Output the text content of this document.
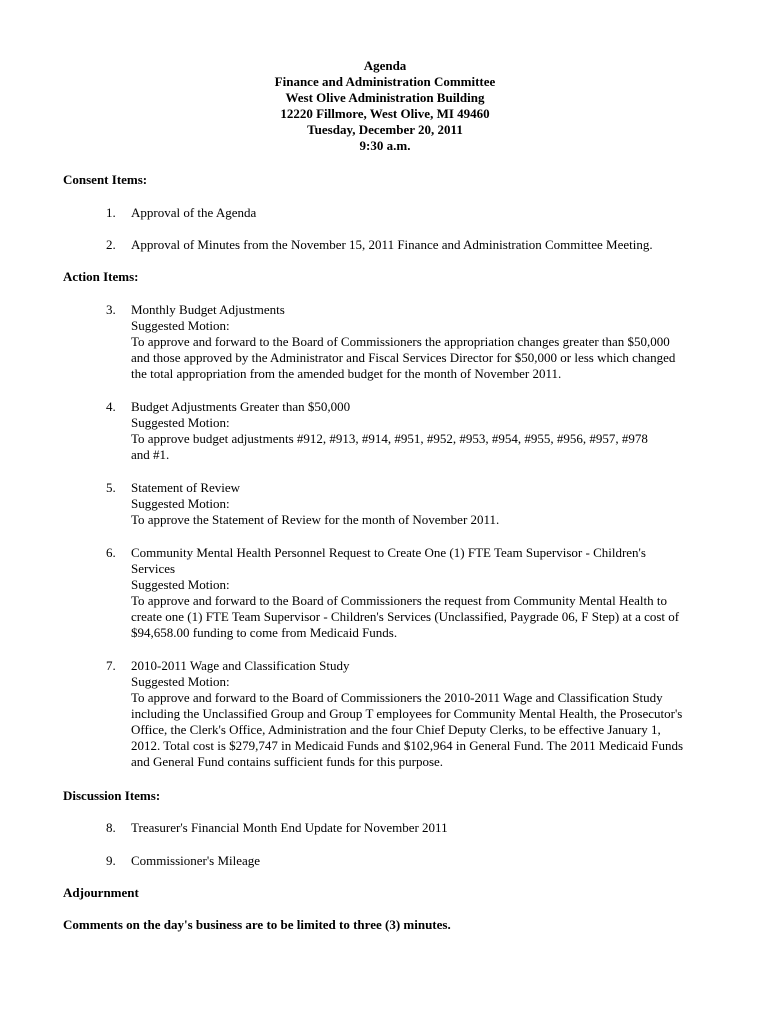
Agenda
Finance and Administration Committee
West Olive Administration Building
12220 Fillmore, West Olive, MI 49460
Tuesday, December 20, 2011
9:30 a.m.
Consent Items:
1.	Approval of the Agenda
2.	Approval of Minutes from the November 15, 2011 Finance and Administration Committee Meeting.
Action Items:
3.	Monthly Budget Adjustments
Suggested Motion:
To approve and forward to the Board of Commissioners the appropriation changes greater than $50,000
and those approved by the Administrator and Fiscal Services Director for $50,000 or less which changed
the total appropriation from the amended budget for the month of November 2011.
4.	Budget Adjustments Greater than $50,000
Suggested Motion:
To approve budget adjustments #912, #913, #914, #951, #952, #953, #954, #955, #956, #957, #978
and #1.
5.	Statement of Review
Suggested Motion:
To approve the Statement of Review for the month of November 2011.
6.	Community Mental Health Personnel Request to Create One (1) FTE Team Supervisor - Children's
Services
Suggested Motion:
To approve and forward to the Board of Commissioners the request from Community Mental Health to
create one (1) FTE Team Supervisor - Children's Services (Unclassified, Paygrade 06, F Step) at a cost of
$94,658.00 funding to come from Medicaid Funds.
7.	2010-2011 Wage and Classification Study
Suggested Motion:
To approve and forward to the Board of Commissioners the 2010-2011 Wage and Classification Study
including the Unclassified Group and Group T employees for Community Mental Health, the Prosecutor's
Office, the Clerk's Office, Administration and the four Chief Deputy Clerks, to be effective January 1,
2012. Total cost is $279,747 in Medicaid Funds and $102,964 in General Fund. The 2011 Medicaid Funds
and General Fund contains sufficient funds for this purpose.
Discussion Items:
8.	Treasurer's Financial Month End Update for November 2011
9.	Commissioner's Mileage
Adjournment
Comments on the day's business are to be limited to three (3) minutes.
